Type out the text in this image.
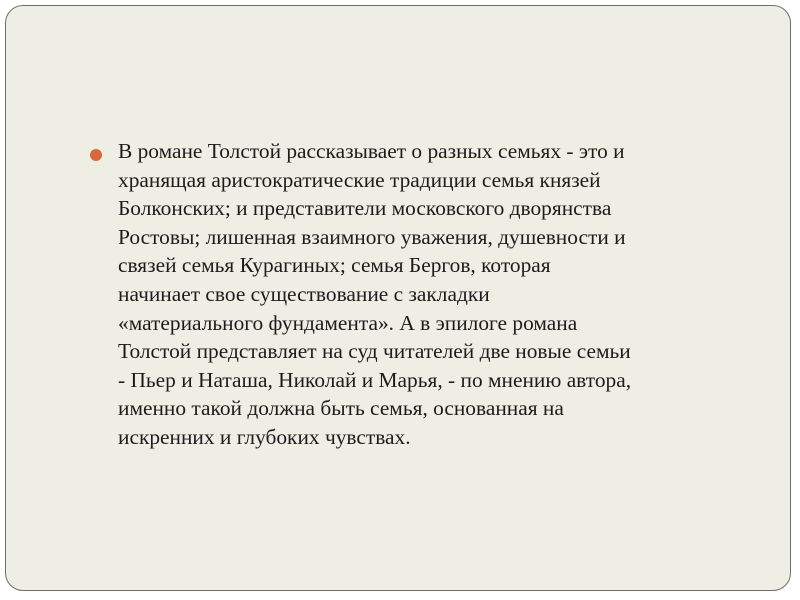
В романе Толстой рассказывает о разных семьях - это и
хранящая аристократические традиции семья князей
Болконских; и представители московского дворянства
Ростовы; лишенная взаимного уважения, душевности и
связей семья Курагиных; семья Бергов, которая
начинает свое существование с закладки
«материального фундамента». А в эпилоге романа
Толстой представляет на суд читателей две новые семьи
- Пьер и Наташа, Николай и Марья, - по мнению автора,
именно такой должна быть семья, основанная на
искренних и глубоких чувствах.
